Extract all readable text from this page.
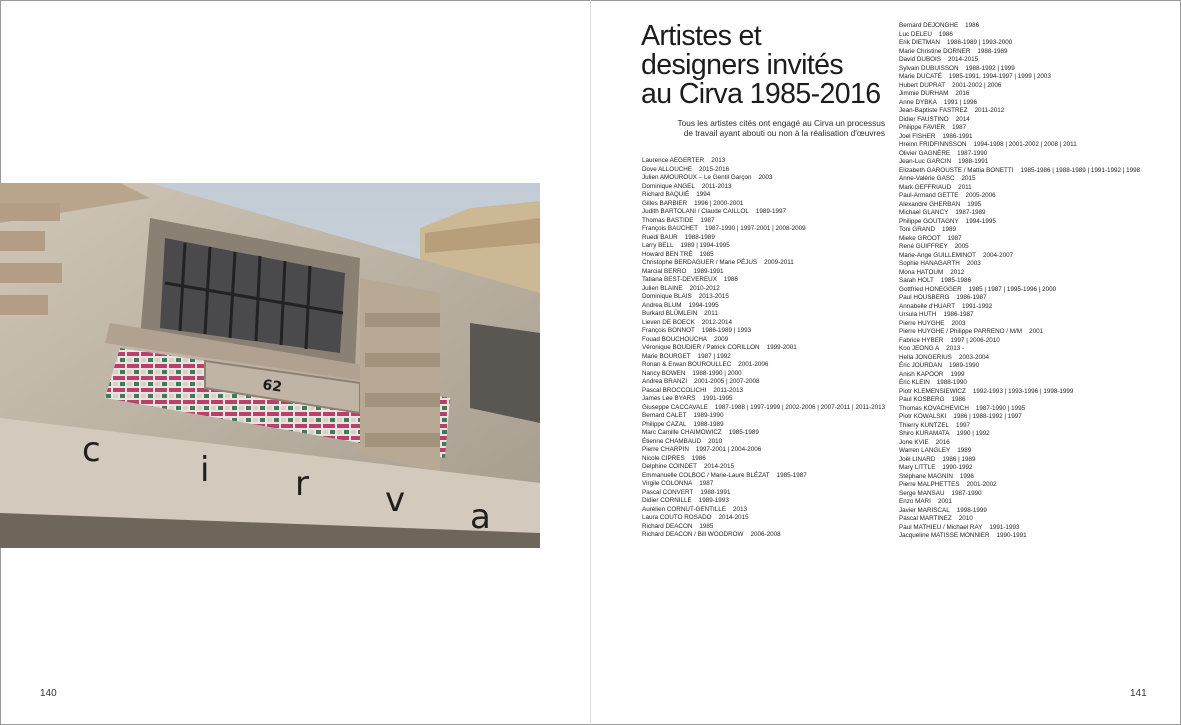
62
c	i	r v a
140	141
Artistes et
designers invités
au Cirva 1985-2016
Tous les artistes cités ont engagé au Cirva un processus
de travail ayant abouti ou non à la réalisation d'œuvres
Laurence AEGERTER 2013
Dove ALLOUCHE 2015-2016
Julien AMOUROUX – Le Gentil Garçon 2003
Dominique ANGEL 2011-2013
Richard BAQUIÉ 1994
Gilles BARBIER 1996 | 2000-2001
Judith BARTOLANI / Claude CAILLOL 1989-1997
Thomas BASTIDE 1987
François BAUCHET 1987-1990 | 1997-2001 | 2008-2009
Ruedi BAUR 1988-1989
Larry BELL 1989 | 1994-1995
Howard BEN TRÉ 1985
Christophe BERDAGUER / Marie PÉJUS 2009-2011
Marcial BERRO 1989-1991
Tatiana BEST-DEVEREUX 1986
Julien BLAINE 2010-2012
Dominique BLAIS 2013-2015
Andrea BLUM 1994-1995
Burkard BLÜMLEIN 2011
Lieven DE BOECK 2012-2014
François BONNOT 1986-1989 | 1993
Fouad BOUCHOUCHA 2009
Véronique BOUDIER / Patrick CORILLON 1999-2001
Marie BOURGET 1987 | 1992
Ronan & Erwan BOUROULLEC 2001-2006
Nancy BOWEN 1988-1990 | 2000
Andrea BRANZI 2001-2005 | 2007-2008
Pascal BROCCOLICHI 2011-2013
James Lee BYARS 1991-1995
Giuseppe CACCAVALE 1987-1988 | 1997-1999 | 2002-2006 | 2007-2011 | 2011-2013
Bernard CALET 1989-1990
Philippe CAZAL 1988-1989
Marc Camille CHAIMOWICZ 1985-1989
Étienne CHAMBAUD 2010
Pierre CHARPIN 1997-2001 | 2004-2006
Nicole CIPRES 1986
Delphine COINDET 2014-2015
Emmanuelle COLBOC / Marie-Laure BLÉZAT 1985-1987
Virgile COLONNA 1987
Pascal CONVERT 1988-1991
Didier CORNILLE 1989-1993
Aurélien CORNUT-GENTILLE 2013
Laura COUTO ROSADO 2014-2015
Richard DEACON 1985
Richard DEACON / Bill WOODROW 2006-2008
Bernard DEJONGHE 1986
Luc DELEU 1986
Erik DIETMAN 1986-1989 | 1993-2000
Marie Christine DORNER 1988-1989
David DUBOIS 2014-2015
Sylvain DUBUISSON 1988-1992 | 1999
Marie DUCATÉ 1985-1991, 1994-1997 | 1999 | 2003
Hubert DUPRAT 2001-2002 | 2006
Jimmie DURHAM 2016
Anne DYBKA 1991 | 1996
Jean-Baptiste FASTREZ 2011-2012
Didier FAUSTINO 2014
Philippe FAVIER 1987
Joel FISHER 1986-1991
Hreinn FRIDFINNSSON 1994-1998 | 2001-2002 | 2008 | 2011
Olivier GAGNÈRE 1987-1990
Jean-Luc GARCIN 1988-1991
Elizabeth GAROUSTE / Mattia BONETTI 1985-1986 | 1988-1989 | 1991-1992 | 1998
Anne-Valérie GASC 2015
Mark GEFFRIAUD 2011
Paul-Armand GETTE 2005-2006
Alexandre GHERBAN 1995
Michael GLANCY 1987-1989
Philippe GOUTAGNY 1994-1995
Toni GRAND 1989
Mieke GROOT 1987
René GUIFFREY 2005
Marie-Ange GUILLEMINOT 2004-2007
Sophie HANAGARTH 2003
Mona HATOUM 2012
Sarah HOLT 1985-1986
Gottfried HONEGGER 1985 | 1987 | 1995-1996 | 2000
Paul HOUSBERG 1986-1987
Annabelle d'HUART 1991-1992
Ursula HUTH 1986-1987
Pierre HUYGHE 2003
Pierre HUYGHE / Philippe PARRENO / M/M 2001
Fabrice HYBER 1997 | 2006-2010
Koo JEONG A 2013 -
Hella JONGERIUS 2003-2004
Éric JOURDAN 1989-1990
Anish KAPOOR 1999
Éric KLEIN 1988-1990
Piotr KLEMENSIEWICZ 1992-1993 | 1993-1996 | 1998-1999
Paul KOSBERG 1986
Thomas KOVACHEVICH 1987-1990 | 1995
Piotr KOWALSKI 1986 | 1988-1992 | 1997
Thierry KUNTZEL 1997
Shiro KURAMATA 1990 | 1992
Jone KVIE 2016
Warren LANGLEY 1989
Joël LINARD 1986 | 1989
Mary LITTLE 1990-1992
Stéphane MAGNIN 1996
Pierre MALPHETTES 2001-2002
Serge MANSAU 1987-1990
Enzo MARI 2001
Javier MARISCAL 1998-1999
Pascal MARTINEZ 2010
Paul MATHIEU / Michael RAY 1991-1993
Jacqueline MATISSE MONNIER 1990-1991
